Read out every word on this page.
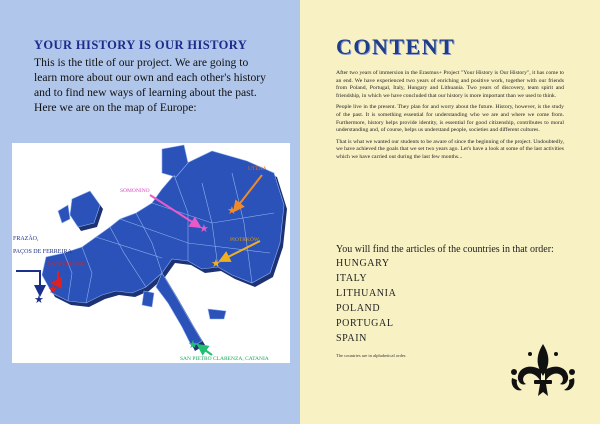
YOUR HISTORY IS OUR HISTORY
This is the title of our project. We are going to learn more about our own and each other's history and to find new ways of learning about the past. Here we are on the map of Europe:
★
★
★
★
★
★
UTENA
SOMONINO
PIOTRKÓW
FRAZÃO,
PAÇOS DE FERREIRA
PONTEDEUME
SAN PIETRO CLARENZA, CATANIA
CONTENT

After two years of immersion in the Erasmus+ Project "Your History is Our History", it has come to an end. We have experienced two years of enriching and positive work, together with our friends from Poland, Portugal, Italy, Hungary and Lithuania. Two years of discovery, team spirit and friendship, in which we have concluded that our history is more important than we used to think.

People live in the present. They plan for and worry about the future. History, however, is the study of the past. It is something essential for understanding who we are and where we come from. Furthermore, history helps provide identity, is essential for good citizenship, contributes to moral understanding and, of course, helps us understand people, societies and different cultures.

That is what we wanted our students to be aware of since the beginning of the project. Undoubtedly, we have achieved the goals that we set two years ago. Let's have a look at some of the last activities which we have carried out during the last few months...

You will find the articles of the countries in that order:
HUNGARY
ITALY
LITHUANIA
POLAND
PORTUGAL
SPAIN
The countries are in alphabetical order.
